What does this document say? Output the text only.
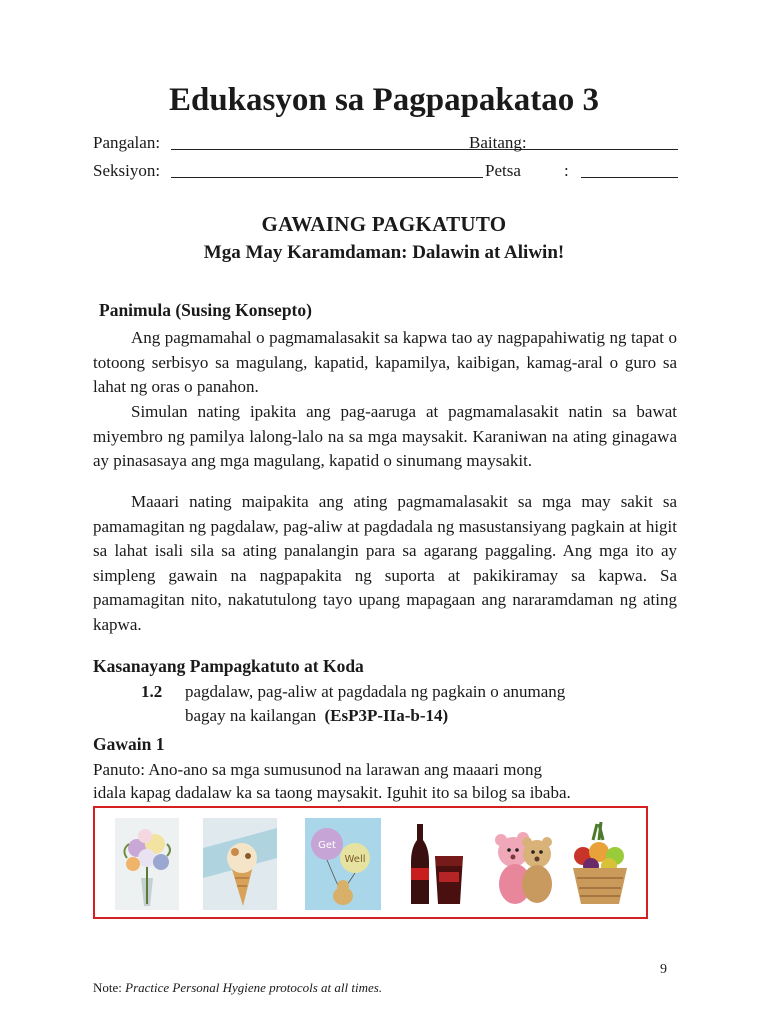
Edukasyon sa Pagpapakatao 3
Pangalan:	Baitang:
Seksiyon:	Petsa	:
GAWAING PAGKATUTO
Mga May Karamdaman: Dalawin at Aliwin!
Panimula (Susing Konsepto)
Ang pagmamahal o pagmamalasakit sa kapwa tao ay nagpapahiwatig ng tapat o totoong serbisyo sa magulang, kapatid, kapamilya, kaibigan, kamag-aral o guro sa lahat ng oras o panahon.
Simulan nating ipakita ang pag-aaruga at pagmamalasakit natin sa bawat miyembro ng pamilya lalong-lalo na sa mga maysakit. Karaniwan na ating ginagawa ay pinasasaya ang mga magulang, kapatid o sinumang maysakit.
Maaari nating maipakita ang ating pagmamalasakit sa mga may sakit sa pamamagitan ng pagdalaw, pag-aliw at pagdadala ng masustansiyang pagkain at higit sa lahat isali sila sa ating panalangin para sa agarang paggaling. Ang mga ito ay simpleng gawain na nagpapakita ng suporta at pakikiramay sa kapwa. Sa pamamagitan nito, nakatutulong tayo upang mapagaan ang nararamdaman ng ating kapwa.
Kasanayang Pampagkatuto at Koda
1.2 pagdalaw, pag-aliw at pagdadala ng pagkain o anumang
bagay na kailangan (EsP3P-IIa-b-14)
Gawain 1
Panuto: Ano-ano sa mga sumusunod na larawan ang maaari mong
idala kapag dadalaw ka sa taong maysakit. Iguhit ito sa bilog sa ibaba.
Get
Well
9
Note: Practice Personal Hygiene protocols at all times.
